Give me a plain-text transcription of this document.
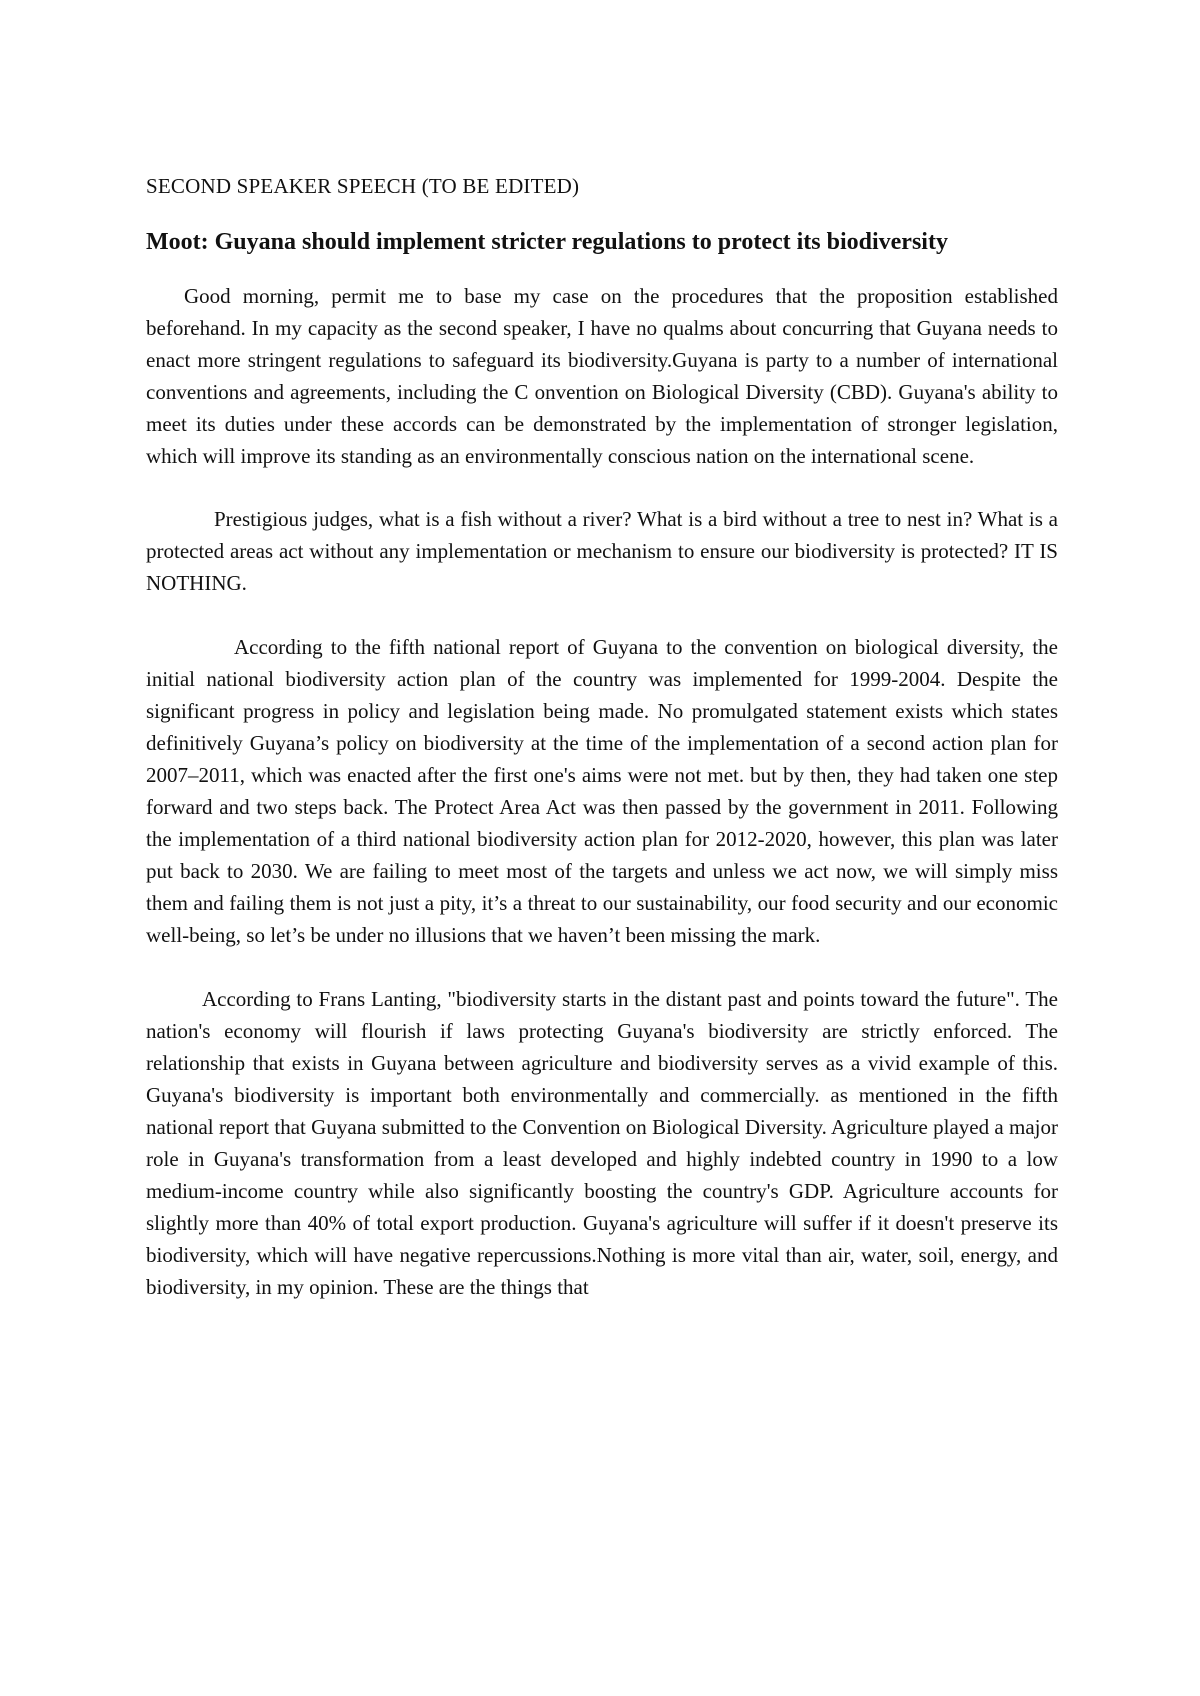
SECOND SPEAKER SPEECH (TO BE EDITED)
Moot: Guyana should implement stricter regulations to protect its biodiversity

Good morning, permit me to base my case on the procedures that the proposition established beforehand. In my capacity as the second speaker, I have no qualms about concurring that Guyana needs to enact more stringent regulations to safeguard its biodiversity.Guyana is party to a number of international conventions and agreements, including the C onvention on Biological Diversity (CBD). Guyana's ability to meet its duties under these accords can be demonstrated by the implementation of stronger legislation, which will improve its standing as an environmentally conscious nation on the international scene.

Prestigious judges, what is a fish without a river? What is a bird without a tree to nest in? What is a protected areas act without any implementation or mechanism to ensure our biodiversity is protected? IT IS NOTHING.

According to the fifth national report of Guyana to the convention on biological diversity, the initial national biodiversity action plan of the country was implemented for 1999-2004. Despite the significant progress in policy and legislation being made. No promulgated statement exists which states definitively Guyana’s policy on biodiversity at the time of the implementation of a second action plan for 2007–2011, which was enacted after the first one's aims were not met. but by then, they had taken one step forward and two steps back. The Protect Area Act was then passed by the government in 2011. Following the implementation of a third national biodiversity action plan for 2012-2020, however, this plan was later put back to 2030. We are failing to meet most of the targets and unless we act now, we will simply miss them and failing them is not just a pity, it’s a threat to our sustainability, our food security and our economic well-being, so let’s be under no illusions that we haven’t been missing the mark.

According to Frans Lanting, "biodiversity starts in the distant past and points toward the future". The nation's economy will flourish if laws protecting Guyana's biodiversity are strictly enforced. The relationship that exists in Guyana between agriculture and biodiversity serves as a vivid example of this. Guyana's biodiversity is important both environmentally and commercially. as mentioned in the fifth national report that Guyana submitted to the Convention on Biological Diversity. Agriculture played a major role in Guyana's transformation from a least developed and highly indebted country in 1990 to a low medium-income country while also significantly boosting the country's GDP. Agriculture accounts for slightly more than 40% of total export production. Guyana's agriculture will suffer if it doesn't preserve its biodiversity, which will have negative repercussions.Nothing is more vital than air, water, soil, energy, and biodiversity, in my opinion. These are the things that
